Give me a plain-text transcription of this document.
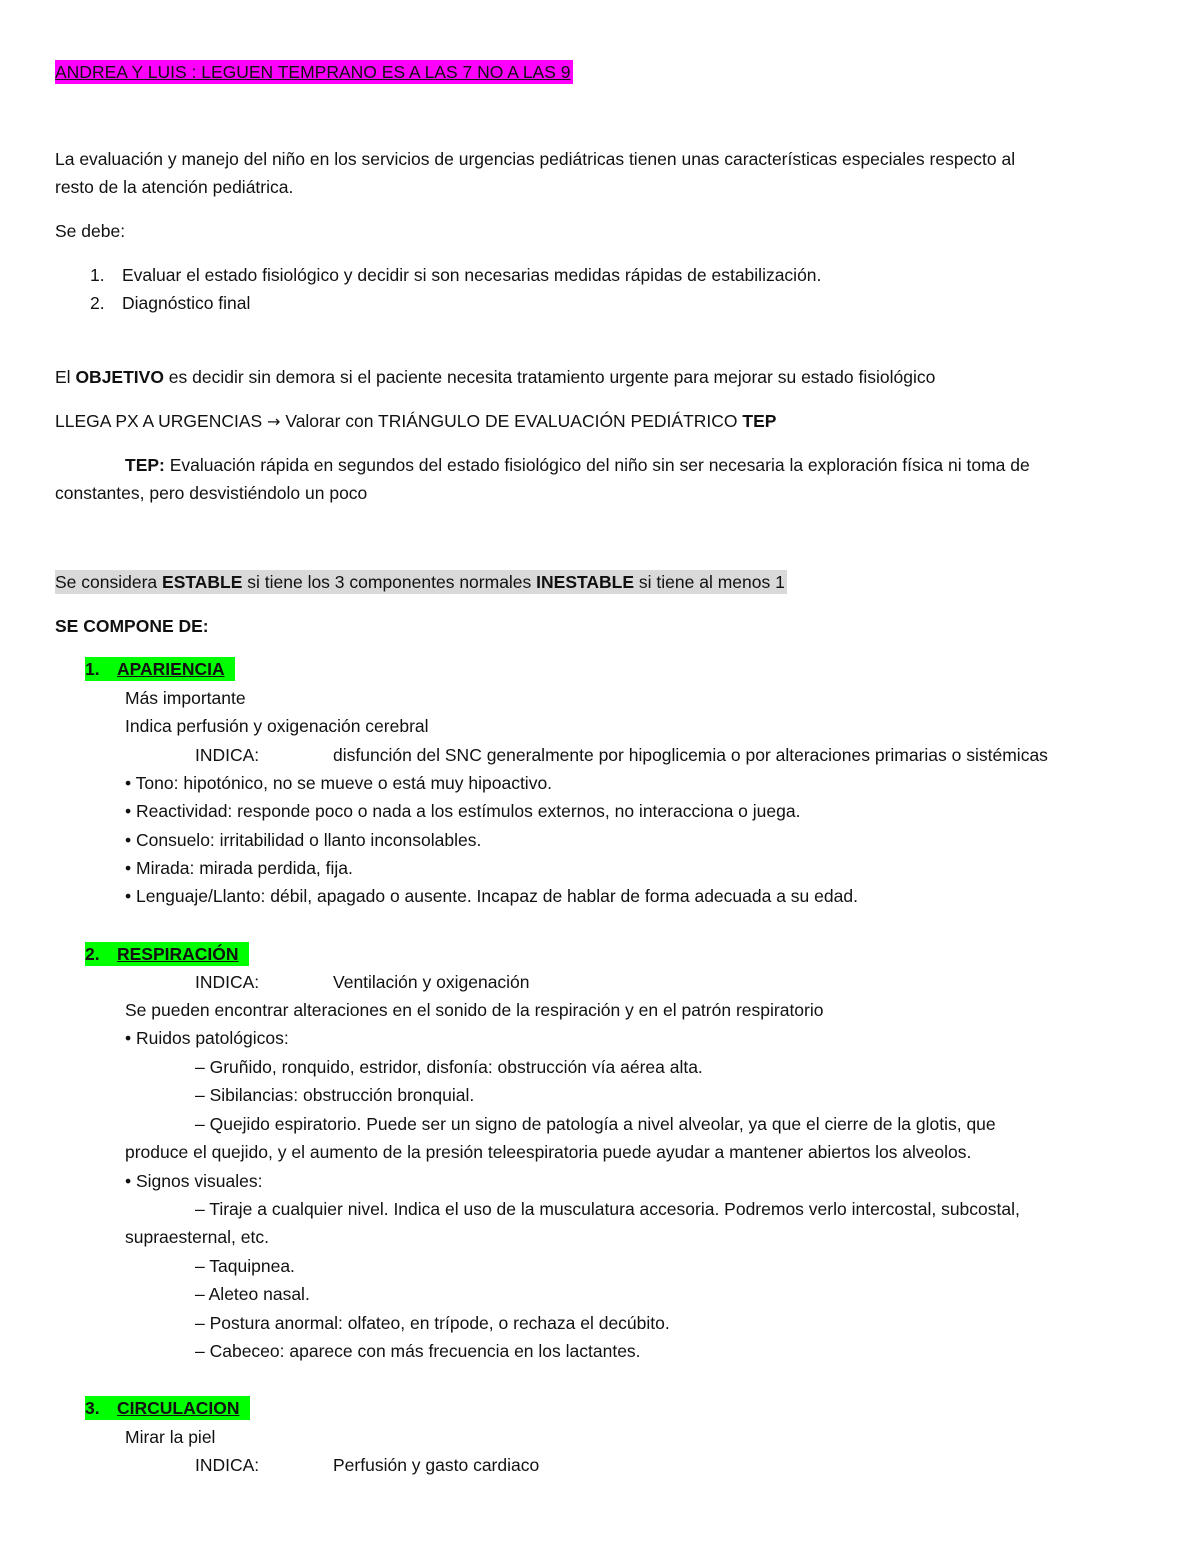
ANDREA Y LUIS : LEGUEN TEMPRANO ES A LAS 7 NO A LAS 9
La evaluación y manejo del niño en los servicios de urgencias pediátricas tienen unas características especiales respecto al
resto de la atención pediátrica.
Se debe:
1. Evaluar el estado fisiológico y decidir si son necesarias medidas rápidas de estabilización.
2. Diagnóstico final
El OBJETIVO es decidir sin demora si el paciente necesita tratamiento urgente para mejorar su estado fisiológico
LLEGA PX A URGENCIAS → Valorar con TRIÁNGULO DE EVALUACIÓN PEDIÁTRICO TEP
TEP: Evaluación rápida en segundos del estado fisiológico del niño sin ser necesaria la exploración física ni toma de
constantes, pero desvistiéndolo un poco
Se considera ESTABLE si tiene los 3 componentes normales INESTABLE si tiene al menos 1
SE COMPONE DE:
1. APARIENCIA
Más importante
Indica perfusión y oxigenación cerebral
INDICA:	disfunción del SNC generalmente por hipoglicemia o por alteraciones primarias o sistémicas
• Tono: hipotónico, no se mueve o está muy hipoactivo.
• Reactividad: responde poco o nada a los estímulos externos, no interacciona o juega.
• Consuelo: irritabilidad o llanto inconsolables.
• Mirada: mirada perdida, fija.
• Lenguaje/Llanto: débil, apagado o ausente. Incapaz de hablar de forma adecuada a su edad.
2. RESPIRACIÓN
INDICA:	Ventilación y oxigenación
Se pueden encontrar alteraciones en el sonido de la respiración y en el patrón respiratorio
• Ruidos patológicos:
– Gruñido, ronquido, estridor, disfonía: obstrucción vía aérea alta.
– Sibilancias: obstrucción bronquial.
– Quejido espiratorio. Puede ser un signo de patología a nivel alveolar, ya que el cierre de la glotis, que
produce el quejido, y el aumento de la presión teleespiratoria puede ayudar a mantener abiertos los alveolos.
• Signos visuales:
– Tiraje a cualquier nivel. Indica el uso de la musculatura accesoria. Podremos verlo intercostal, subcostal,
supraesternal, etc.
– Taquipnea.
– Aleteo nasal.
– Postura anormal: olfateo, en trípode, o rechaza el decúbito.
– Cabeceo: aparece con más frecuencia en los lactantes.
3. CIRCULACION
Mirar la piel
INDICA:	Perfusión y gasto cardiaco
